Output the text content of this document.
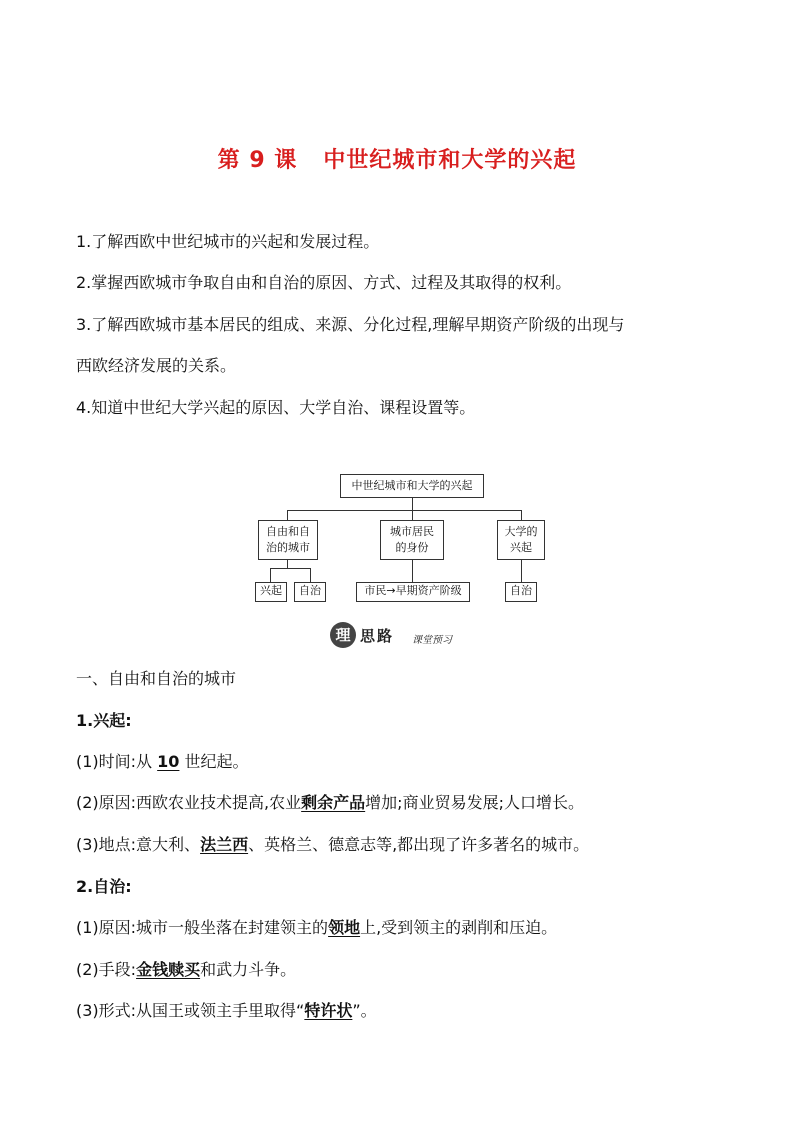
第 9 课 中世纪城市和大学的兴起
1.了解西欧中世纪城市的兴起和发展过程。
2.掌握西欧城市争取自由和自治的原因、方式、过程及其取得的权利。
3.了解西欧城市基本居民的组成、来源、分化过程,理解早期资产阶级的出现与
西欧经济发展的关系。
4.知道中世纪大学兴起的原因、大学自治、课程设置等。
中世纪城市和大学的兴起
自由和自
治的城市
城市居民
的身份
大学的
兴起
兴起	自治	市民→早期资产阶级	自治
理 思路 课堂预习
一、自由和自治的城市
1.兴起:
(1)时间:从 10 世纪起。
(2)原因:西欧农业技术提高,农业剩余产品增加;商业贸易发展;人口增长。
(3)地点:意大利、法兰西、英格兰、德意志等,都出现了许多著名的城市。
2.自治:
(1)原因:城市一般坐落在封建领主的领地上,受到领主的剥削和压迫。
(2)手段:金钱赎买和武力斗争。
(3)形式:从国王或领主手里取得“特许状”。
